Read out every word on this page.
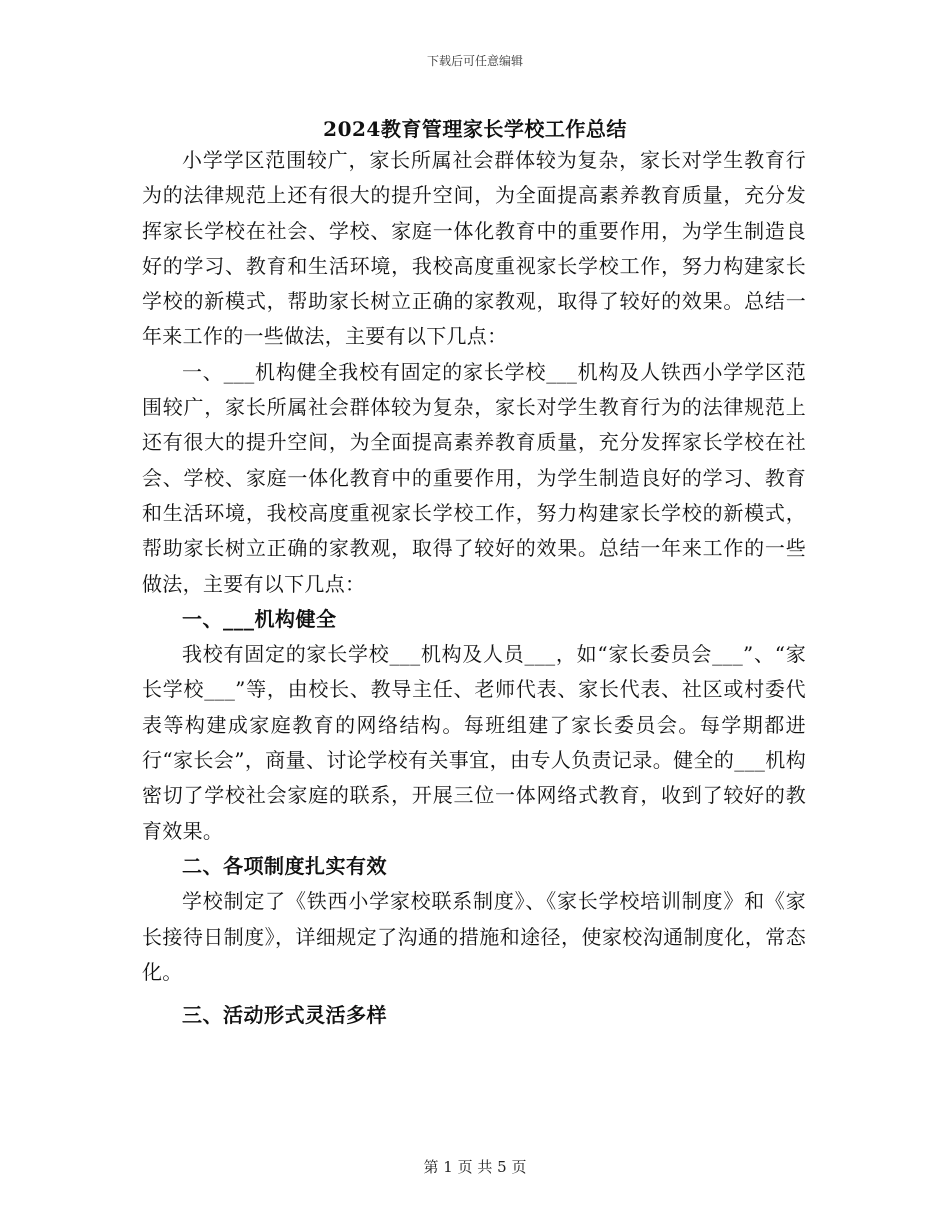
下载后可任意编辑
2024教育管理家长学校工作总结

小学学区范围较广，家长所属社会群体较为复杂，家长对学生教育行为的法律规范上还有很大的提升空间，为全面提高素养教育质量，充分发挥家长学校在社会、学校、家庭一体化教育中的重要作用，为学生制造良好的学习、教育和生活环境，我校高度重视家长学校工作，努力构建家长学校的新模式，帮助家长树立正确的家教观，取得了较好的效果。总结一年来工作的一些做法，主要有以下几点：

一、___机构健全我校有固定的家长学校___机构及人铁西小学学区范围较广，家长所属社会群体较为复杂，家长对学生教育行为的法律规范上还有很大的提升空间，为全面提高素养教育质量，充分发挥家长学校在社会、学校、家庭一体化教育中的重要作用，为学生制造良好的学习、教育和生活环境，我校高度重视家长学校工作，努力构建家长学校的新模式，帮助家长树立正确的家教观，取得了较好的效果。总结一年来工作的一些做法，主要有以下几点：

一、___机构健全

我校有固定的家长学校___机构及人员___，如“家长委员会___”、“家长学校___”等，由校长、教导主任、老师代表、家长代表、社区或村委代表等构建成家庭教育的网络结构。每班组建了家长委员会。每学期都进行“家长会”，商量、讨论学校有关事宜，由专人负责记录。健全的___机构密切了学校社会家庭的联系，开展三位一体网络式教育，收到了较好的教育效果。

二、各项制度扎实有效

学校制定了《铁西小学家校联系制度》、《家长学校培训制度》和《家长接待日制度》，详细规定了沟通的措施和途径，使家校沟通制度化，常态化。

三、活动形式灵活多样

第 1 页 共 5 页
